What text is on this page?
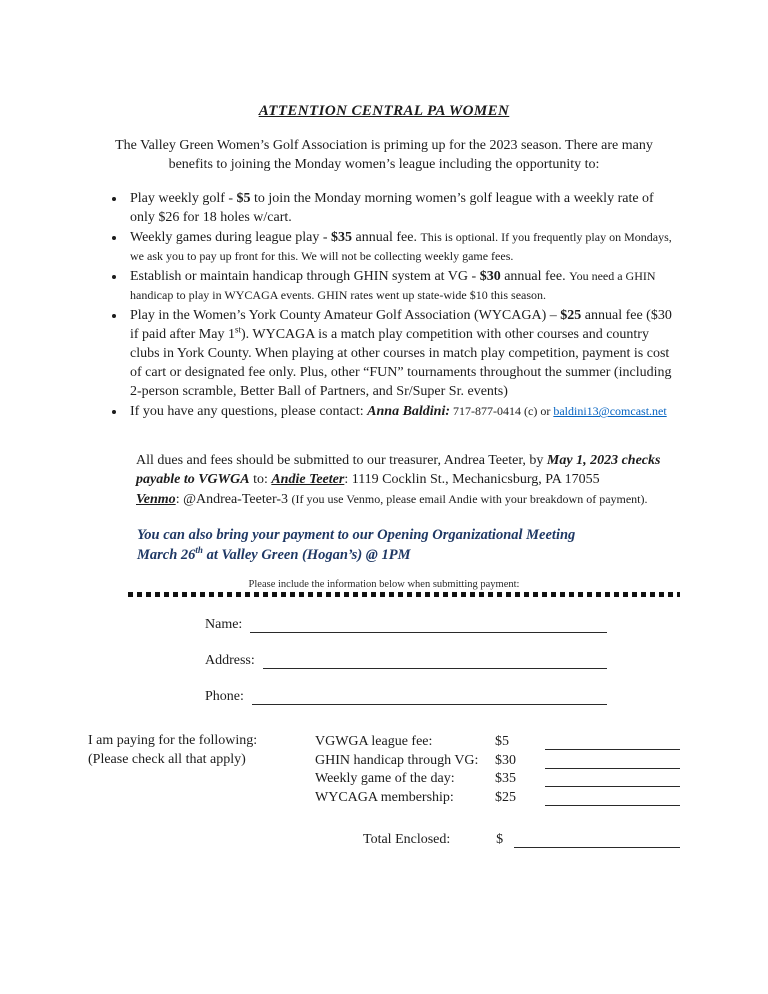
ATTENTION CENTRAL PA WOMEN
The Valley Green Women’s Golf Association is priming up for the 2023 season. There are many benefits to joining the Monday women’s league including the opportunity to:
• Play weekly golf - $5 to join the Monday morning women’s golf league with a weekly rate of only $26 for 18 holes w/cart.
• Weekly games during league play - $35 annual fee. This is optional. If you frequently play on Mondays, we ask you to pay up front for this. We will not be collecting weekly game fees.
• Establish or maintain handicap through GHIN system at VG - $30 annual fee. You need a GHIN handicap to play in WYCAGA events. GHIN rates went up state-wide $10 this season.
• Play in the Women’s York County Amateur Golf Association (WYCAGA) – $25 annual fee ($30 if paid after May 1st). WYCAGA is a match play competition with other courses and country clubs in York County. When playing at other courses in match play competition, payment is cost of cart or designated fee only. Plus, other “FUN” tournaments throughout the summer (including 2-person scramble, Better Ball of Partners, and Sr/Super Sr. events)
• If you have any questions, please contact: Anna Baldini: 717-877-0414 (c) or baldini13@comcast.net
All dues and fees should be submitted to our treasurer, Andrea Teeter, by May 1, 2023 checks payable to VGWGA to: Andie Teeter: 1119 Cocklin St., Mechanicsburg, PA 17055
Venmo: @Andrea-Teeter-3 (If you use Venmo, please email Andie with your breakdown of payment).
You can also bring your payment to our Opening Organizational Meeting
March 26th at Valley Green (Hogan’s) @ 1PM
Please include the information below when submitting payment:
Name:
Address:
Phone:
I am paying for the following:
(Please check all that apply)
VGWGA league fee:	$5
GHIN handicap through VG:	$30
Weekly game of the day:	$35
WYCAGA membership:	$25
Total Enclosed:	$
